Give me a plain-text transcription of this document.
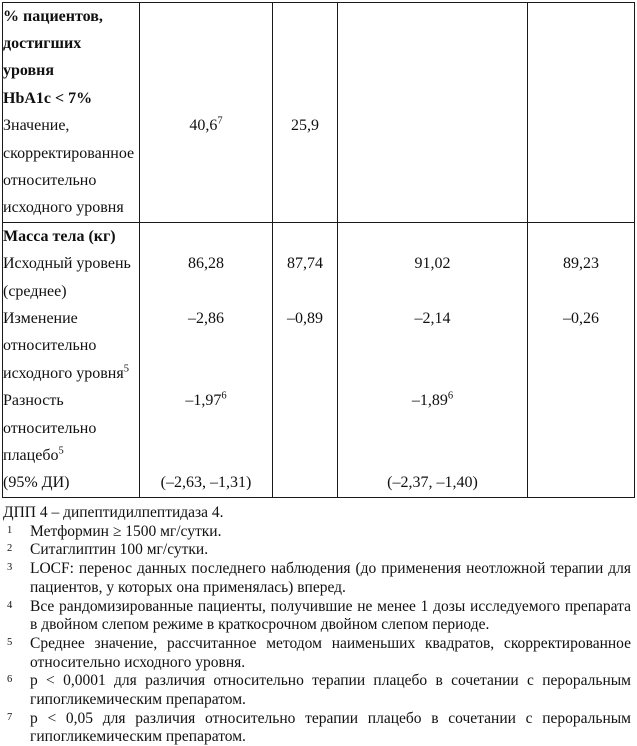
% пациентов,				
достигших				
уровня				
HbA1c < 7%				
Значение,	40,6$^7$	25,9		
скорректированное				
относительно				
исходного уровня				
Масса тела (кг)				
Исходный уровень	86,28	87,74	91,02	89,23
(среднее)				
Изменение	–2,86	–0,89	–2,14	–0,26
относительно				
исходного уровня$^5$				
Разность	–1,97$^6$		–1,89$^6$	
относительно				
плацебо$^5$				
(95% ДИ)	(–2,63, –1,31)		(–2,37, –1,40)	
ДПП 4 – дипептидилпептидаза 4.
1 Метформин ≥ 1500 мг/сутки.
2 Ситаглиптин 100 мг/сутки.
3 LOCF: перенос данных последнего наблюдения (до применения неотложной терапии для пациентов, у которых она применялась) вперед.
4 Все рандомизированные пациенты, получившие не менее 1 дозы исследуемого препарата в двойном слепом режиме в краткосрочном двойном слепом периоде.
5 Среднее значение, рассчитанное методом наименьших квадратов, скорректированное относительно исходного уровня.
6 p < 0,0001 для различия относительно терапии плацебо в сочетании с пероральным гипогликемическим препаратом.
7 p < 0,05 для различия относительно терапии плацебо в сочетании с пероральным гипогликемическим препаратом.
